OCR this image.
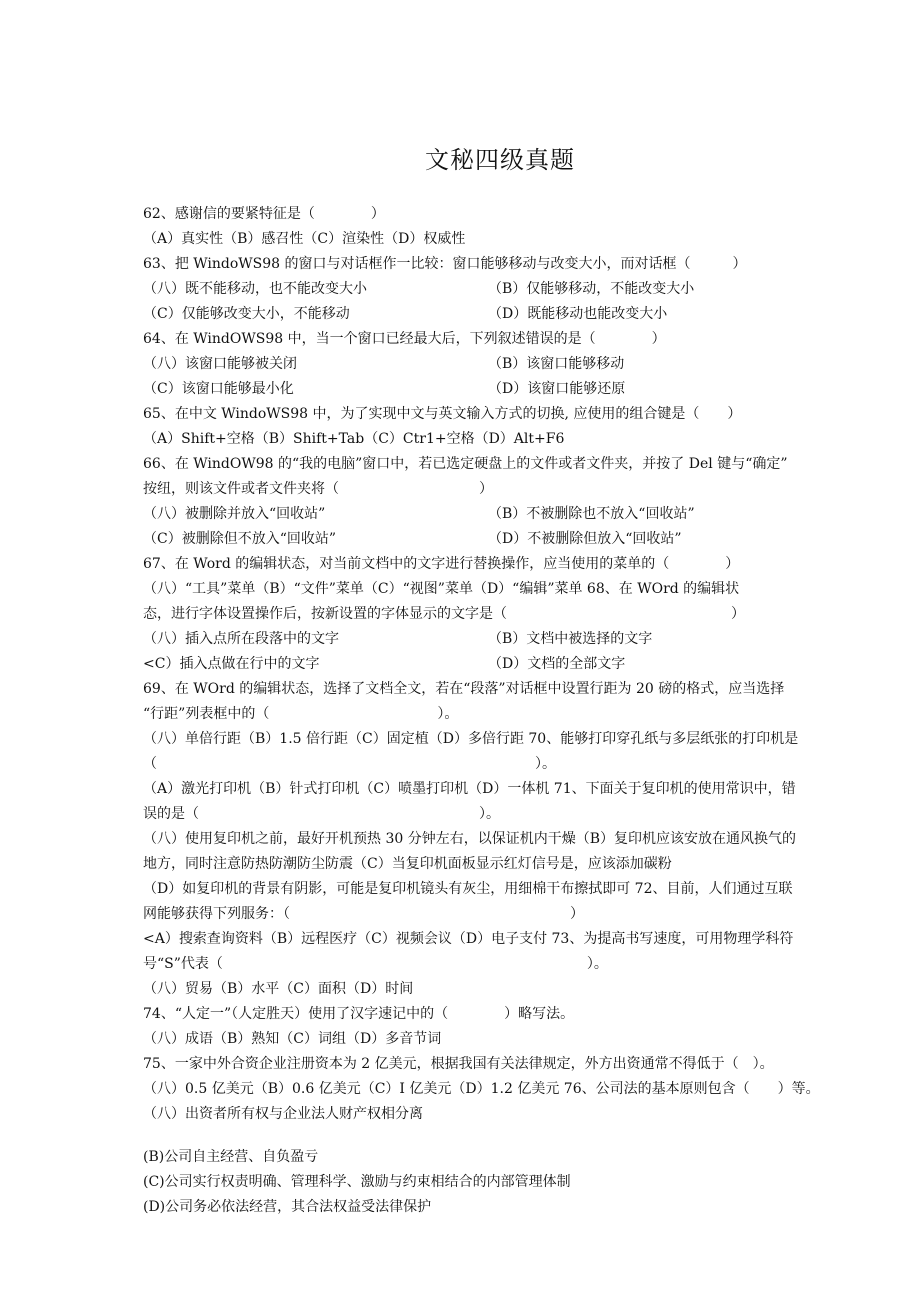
文秘四级真题
62、感谢信的要紧特征是（　　　　）
（A）真实性（B）感召性（C）渲染性（D）权威性
63、把 WindoWS98 的窗口与对话框作一比较：窗口能够移动与改变大小，而对话框（　　　）
（八）既不能移动，也不能改变大小	（B）仅能够移动，不能改变大小
（C）仅能够改变大小，不能移动	（D）既能移动也能改变大小
64、在 WindOWS98 中，当一个窗口已经最大后，下列叙述错误的是（　　　　）
（八）该窗口能够被关闭	（B）该窗口能够移动
（C）该窗口能够最小化	（D）该窗口能够还原
65、在中文 WindoWS98 中，为了实现中文与英文输入方式的切换, 应使用的组合键是（　　）
（A）Shift+空格（B）Shift+Tab（C）Ctr1+空格（D）Alt+F6
66、在 WindOW98 的“我的电脑”窗口中，若已选定硬盘上的文件或者文件夹，并按了 Del 键与“确定”
按纽，则该文件或者文件夹将（　　　　　　　　　　）
（八）被删除并放入“回收站”	（B）不被删除也不放入“回收站”
（C）被删除但不放入“回收站”	（D）不被删除但放入“回收站”
67、在 Word 的编辑状态，对当前文档中的文字进行替换操作，应当使用的菜单的（　　　　）
（八）“工具”菜单（B）“文件”菜单（C）“视图”菜单（D）“编辑”菜单 68、在 WOrd 的编辑状
态，进行字体设置操作后，按新设置的字体显示的文字是（　　　　　　　　　　　　　　　　）
（八）插入点所在段落中的文字	（B）文档中被选择的文字
<C）插入点做在行中的文字	（D）文档的全部文字
69、在 WOrd 的编辑状态，选择了文档全文，若在“段落”对话框中设置行距为 20 磅的格式，应当选择
“行距”列表框中的（　　　　　　　　　　　　）。
（八）单倍行距（B）1.5 倍行距（C）固定植（D）多倍行距 70、能够打印穿孔纸与多层纸张的打印机是
（　　　　　　　　　　　　　　　　　　　　　　　　　　　）。
（A）激光打印机（B）针式打印机（C）喷墨打印机（D）一体机 71、下面关于复印机的使用常识中，错
误的是（　　　　　　　　　　　　　　　　　　　　）。
（八）使用复印机之前，最好开机预热 30 分钟左右，以保证机内干燥（B）复印机应该安放在通风换气的
地方，同时注意防热防潮防尘防震（C）当复印机面板显示红灯信号是，应该添加碳粉
（D）如复印机的背景有阴影，可能是复印机镜头有灰尘，用细棉干布擦拭即可 72、目前，人们通过互联
网能够获得下列服务：（　　　　　　　　　　　　　　　　　　　　）
<A）搜索查询资料（B）远程医疗（C）视频会议（D）电子支付 73、为提高书写速度，可用物理学科符
号“S”代表（　　　　　　　　　　　　　　　　　　　　　　　　　　）。
（八）贸易（B）水平（C）面积（D）时间
74、“人定一”（人定胜天）使用了汉字速记中的（　　　　）略写法。
（八）成语（B）熟知（C）词组（D）多音节词
75、一家中外合资企业注册资本为 2 亿美元，根据我国有关法律规定，外方出资通常不得低于（　）。
（八）0.5 亿美元（B）0.6 亿美元（C）I 亿美元（D）1.2 亿美元 76、公司法的基本原则包含（　　）等。
（八）出资者所有权与企业法人财产权相分离
(B)公司自主经营、自负盈亏
(C)公司实行权责明确、管理科学、激励与约束相结合的内部管理体制
(D)公司务必依法经营，其合法权益受法律保护
